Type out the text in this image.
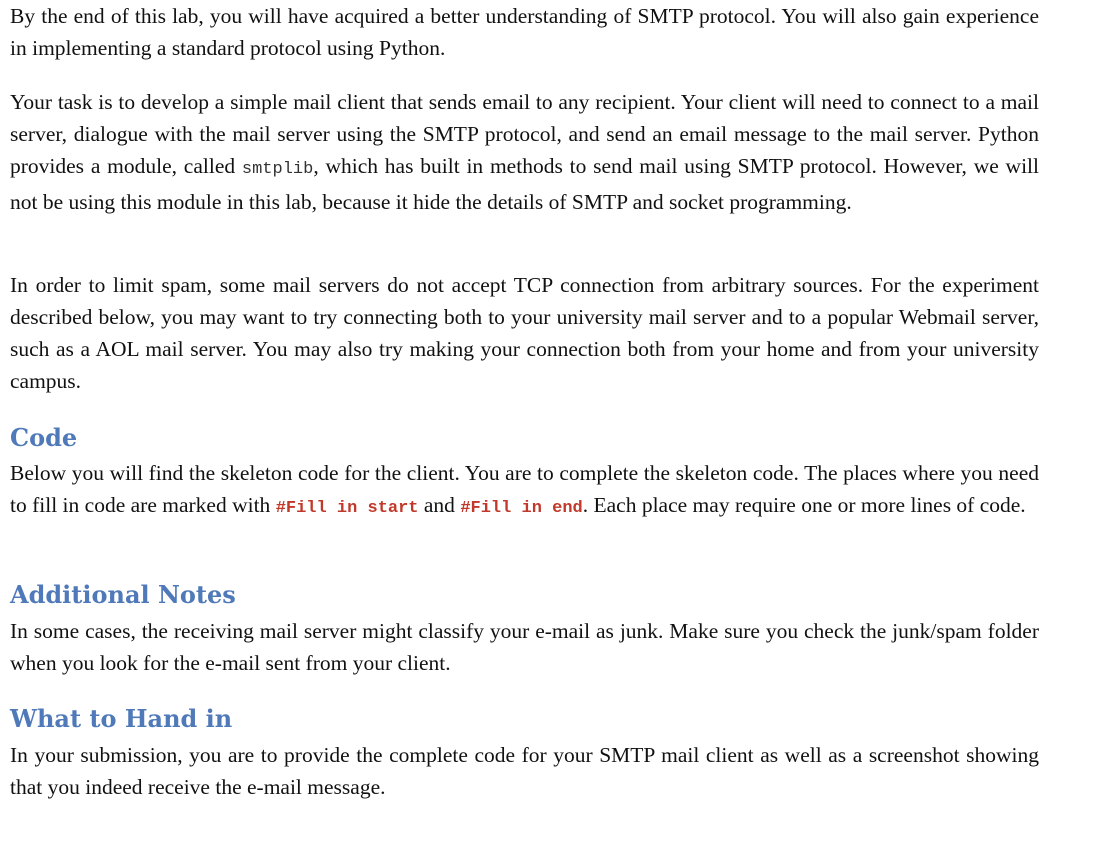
By the end of this lab, you will have acquired a better understanding of SMTP protocol. You will also gain experience in implementing a standard protocol using Python.

Your task is to develop a simple mail client that sends email to any recipient. Your client will need to connect to a mail server, dialogue with the mail server using the SMTP protocol, and send an email message to the mail server. Python provides a module, called smtplib, which has built in methods to send mail using SMTP protocol. However, we will not be using this module in this lab, because it hide the details of SMTP and socket programming.

In order to limit spam, some mail servers do not accept TCP connection from arbitrary sources. For the experiment described below, you may want to try connecting both to your university mail server and to a popular Webmail server, such as a AOL mail server. You may also try making your connection both from your home and from your university campus.

Code

Below you will find the skeleton code for the client. You are to complete the skeleton code. The places where you need to fill in code are marked with #Fill in start and #Fill in end. Each place may require one or more lines of code.

Additional Notes

In some cases, the receiving mail server might classify your e-mail as junk. Make sure you check the junk/spam folder when you look for the e-mail sent from your client.

What to Hand in

In your submission, you are to provide the complete code for your SMTP mail client as well as a screenshot showing that you indeed receive the e-mail message.
